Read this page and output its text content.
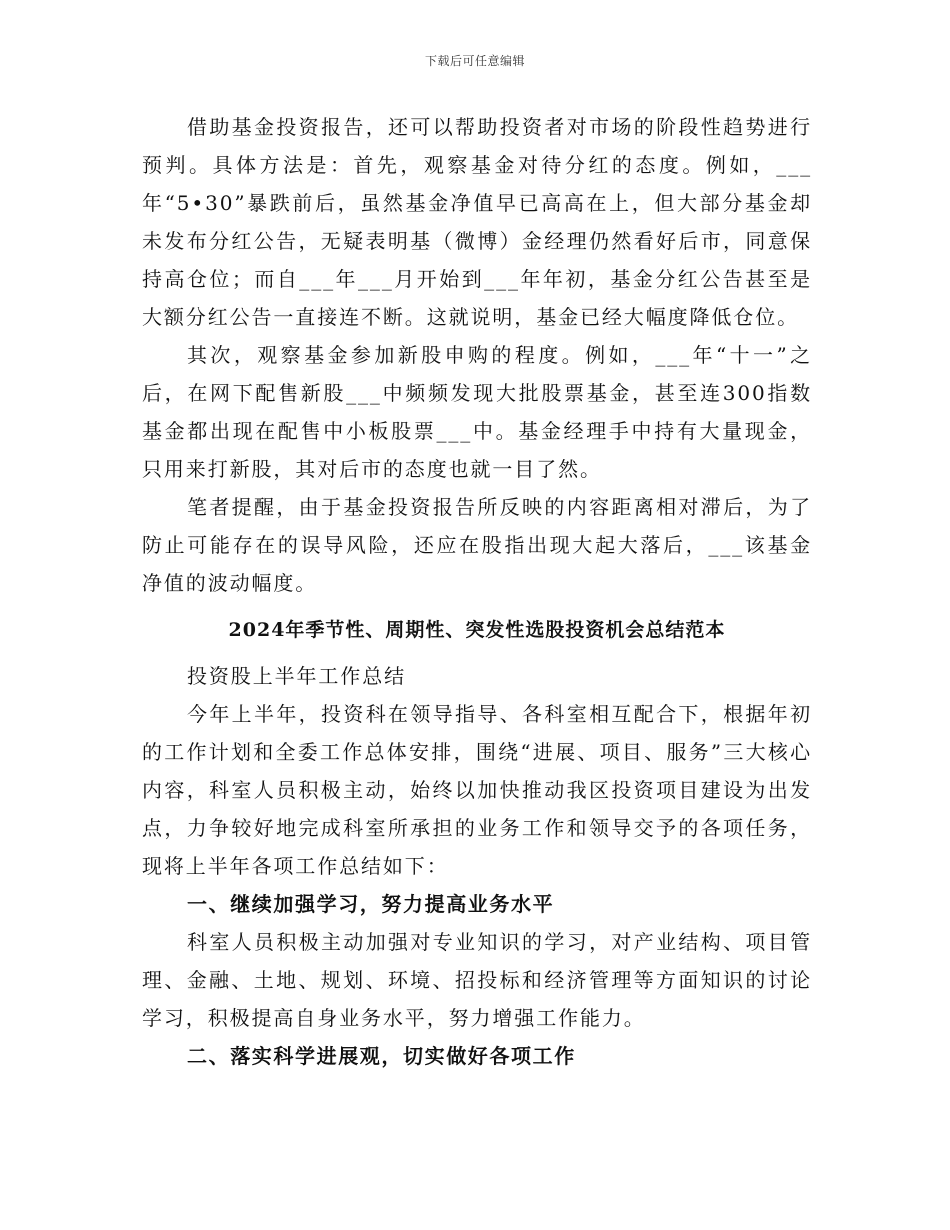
下载后可任意编辑

借助基金投资报告，还可以帮助投资者对市场的阶段性趋势进行预判。具体方法是：首先，观察基金对待分红的态度。例如，___年“5•30”暴跌前后，虽然基金净值早已高高在上，但大部分基金却未发布分红公告，无疑表明基（微博）金经理仍然看好后市，同意保持高仓位；而自___年___月开始到___年年初，基金分红公告甚至是大额分红公告一直接连不断。这就说明，基金已经大幅度降低仓位。

其次，观察基金参加新股申购的程度。例如，___年“十一”之后，在网下配售新股___中频频发现大批股票基金，甚至连300指数基金都出现在配售中小板股票___中。基金经理手中持有大量现金，只用来打新股，其对后市的态度也就一目了然。

笔者提醒，由于基金投资报告所反映的内容距离相对滞后，为了防止可能存在的误导风险，还应在股指出现大起大落后，___该基金净值的波动幅度。

2024年季节性、周期性、突发性选股投资机会总结范本

投资股上半年工作总结

今年上半年，投资科在领导指导、各科室相互配合下，根据年初的工作计划和全委工作总体安排，围绕“进展、项目、服务”三大核心内容，科室人员积极主动，始终以加快推动我区投资项目建设为出发点，力争较好地完成科室所承担的业务工作和领导交予的各项任务，现将上半年各项工作总结如下：

一、继续加强学习，努力提高业务水平

科室人员积极主动加强对专业知识的学习，对产业结构、项目管理、金融、土地、规划、环境、招投标和经济管理等方面知识的讨论学习，积极提高自身业务水平，努力增强工作能力。

二、落实科学进展观，切实做好各项工作
